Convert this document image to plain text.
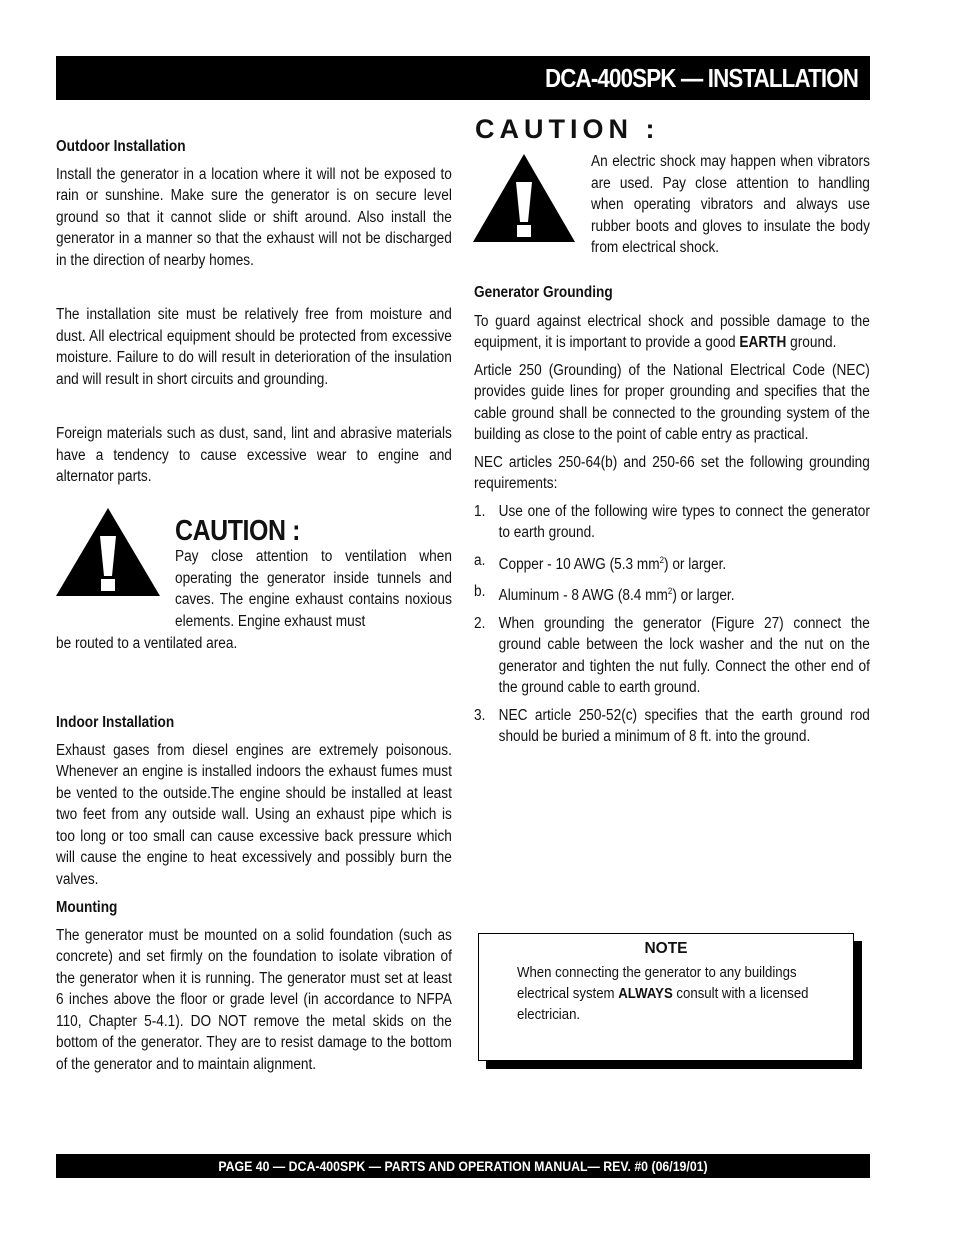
DCA-400SPK — INSTALLATION
Outdoor Installation

Install the generator in a location where it will not be exposed to rain or sunshine. Make sure the generator is on secure level ground so that it cannot slide or shift around. Also install the generator in a manner so that the exhaust will not be discharged in the direction of nearby homes.

The installation site must be relatively free from moisture and dust. All electrical equipment should be protected from excessive moisture. Failure to do will result in deterioration of the insulation and will result in short circuits and grounding.

Foreign materials such as dust, sand, lint and abrasive materials have a tendency to cause excessive wear to engine and alternator parts.

CAUTION :

Pay close attention to ventilation when operating the generator inside tunnels and caves. The engine exhaust contains noxious elements. Engine exhaust must

be routed to a ventilated area.

Indoor Installation

Exhaust gases from diesel engines are extremely poisonous. Whenever an engine is installed indoors the exhaust fumes must be vented to the outside.The engine should be installed at least two feet from any outside wall. Using an exhaust pipe which is too long or too small can cause excessive back pressure which will cause the engine to heat excessively and possibly burn the valves.

Mounting

The generator must be mounted on a solid foundation (such as concrete) and set firmly on the foundation to isolate vibration of the generator when it is running. The generator must set at least 6 inches above the floor or grade level (in accordance to NFPA 110, Chapter 5-4.1). DO NOT remove the metal skids on the bottom of the generator. They are to resist damage to the bottom of the generator and to maintain alignment.

CAUTION :

An electric shock may happen when vibrators are used. Pay close attention to handling when operating vibrators and always use rubber boots and gloves to insulate the body from electrical shock.

Generator Grounding

To guard against electrical shock and possible damage to the equipment, it is important to provide a good EARTH ground.

Article 250 (Grounding) of the National Electrical Code (NEC) provides guide lines for proper grounding and specifies that the cable ground shall be connected to the grounding system of the building as close to the point of cable entry as practical.

NEC articles 250-64(b) and 250-66 set the following grounding requirements:

1. Use one of the following wire types to connect the generator to earth ground.
a. Copper - 10 AWG (5.3 $mm^2$) or larger.
b. Aluminum - 8 AWG (8.4 $mm^2$) or larger.
2. When grounding the generator (Figure 27) connect the ground cable between the lock washer and the nut on the generator and tighten the nut fully. Connect the other end of the ground cable to earth ground.
3. NEC article 250-52(c) specifies that the earth ground rod should be buried a minimum of 8 ft. into the ground.
NOTE
When connecting the generator to any buildings electrical system ALWAYS consult with a licensed electrician.
PAGE 40 — DCA-400SPK — PARTS AND OPERATION MANUAL— REV. #0 (06/19/01)
